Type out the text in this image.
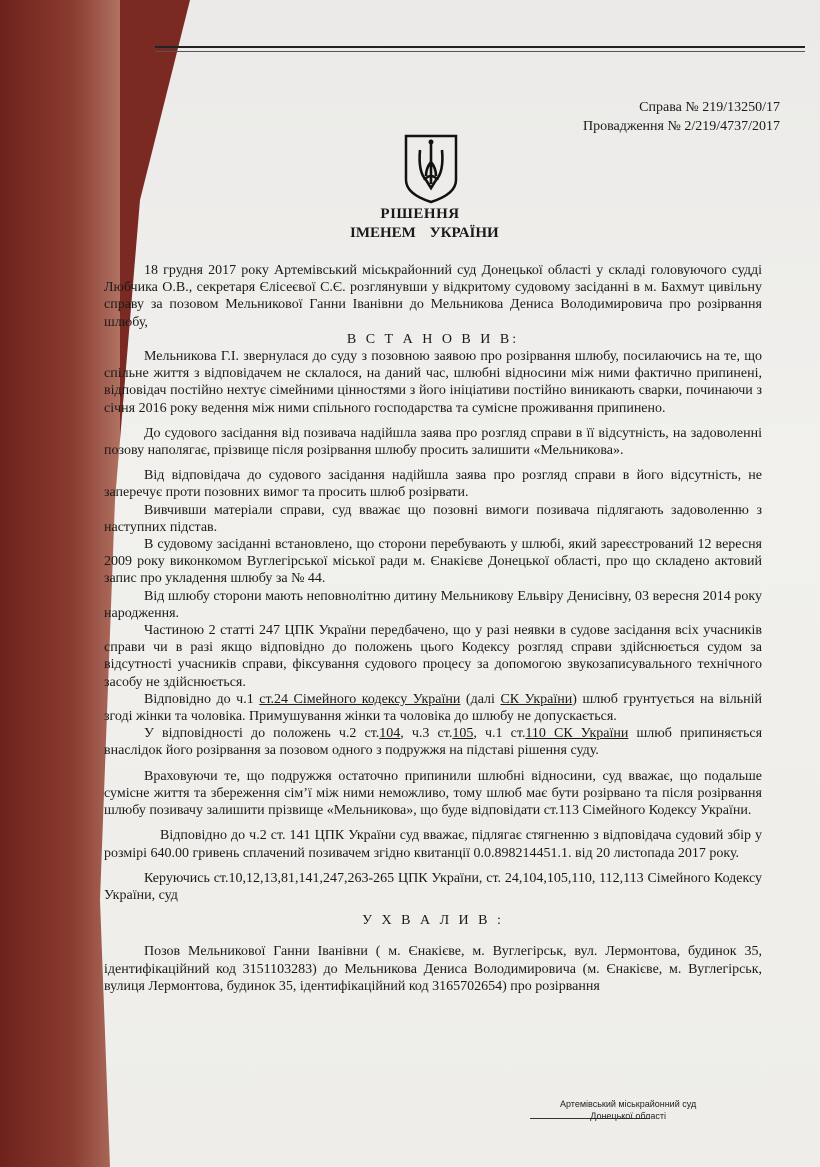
Справа № 219/13250/17
Провадження № 2/219/4737/2017
РІШЕННЯ
ІМЕНЕМ УКРАЇНИ

18 грудня 2017 року Артемівський міськрайонний суд Донецької області у складі головуючого судді Любчика О.В., секретаря Єлісеєвої С.Є. розглянувши у відкритому судовому засіданні в м. Бахмут цивільну справу за позовом Мельникової Ганни Іванівни до Мельникова Дениса Володимировича про розірвання шлюбу,

В С Т А Н О В И В:

Мельникова Г.І. звернулася до суду з позовною заявою про розірвання шлюбу, посилаючись на те, що спільне життя з відповідачем не склалося, на даний час, шлюбні відносини між ними фактично припинені, відповідач постійно нехтує сімейними цінностями з його ініціативи постійно виникають сварки, починаючи з січня 2016 року ведення між ними спільного господарства та сумісне проживання припинено.

До судового засідання від позивача надійшла заява про розгляд справи в її відсутність, на задоволенні позову наполягає, прізвище після розірвання шлюбу просить залишити «Мельникова».

Від відповідача до судового засідання надійшла заява про розгляд справи в його відсутність, не заперечує проти позовних вимог та просить шлюб розірвати.

Вивчивши матеріали справи, суд вважає що позовні вимоги позивача підлягають задоволенню з наступних підстав.

В судовому засіданні встановлено, що сторони перебувають у шлюбі, який зареєстрований 12 вересня 2009 року виконкомом Вуглегірської міської ради м. Єнакієве Донецької області, про що складено актовий запис про укладення шлюбу за № 44.

Від шлюбу сторони мають неповнолітню дитину Мельникову Ельвіру Денисівну, 03 вересня 2014 року народження.

Частиною 2 статті 247 ЦПК України передбачено, що у разі неявки в судове засідання всіх учасників справи чи в разі якщо відповідно до положень цього Кодексу розгляд справи здійснюється судом за відсутності учасників справи, фіксування судового процесу за допомогою звукозаписувального технічного засобу не здійснюється.

Відповідно до ч.1 ст.24 Сімейного кодексу України (далі СК України) шлюб грунтується на вільній згоді жінки та чоловіка. Примушування жінки та чоловіка до шлюбу не допускається.

У відповідності до положень ч.2 ст.104, ч.3 ст.105, ч.1 ст.110 СК України шлюб припиняється внаслідок його розірвання за позовом одного з подружжя на підставі рішення суду.

Враховуючи те, що подружжя остаточно припинили шлюбні відносини, суд вважає, що подальше сумісне життя та збереження сім’ї між ними неможливо, тому шлюб має бути розірвано та після розірвання шлюбу позивачу залишити прізвище «Мельникова», що буде відповідати ст.113 Сімейного Кодексу України.

Відповідно до ч.2 ст. 141 ЦПК України суд вважає, підлягає стягненню з відповідача судовий збір у розмірі 640.00 гривень сплачений позивачем згідно квитанції 0.0.898214451.1. від 20 листопада 2017 року.

Керуючись ст.10,12,13,81,141,247,263-265 ЦПК України, ст. 24,104,105,110, 112,113 Сімейного Кодексу України, суд

У Х В А Л И В :

Позов Мельникової Ганни Іванівни ( м. Єнакієве, м. Вуглегірськ, вул. Лермонтова, будинок 35, ідентифікаційний код 3151103283) до Мельникова Дениса Володимировича (м. Єнакієве, м. Вуглегірськ, вулиця Лермонтова, будинок 35, ідентифікаційний код 3165702654) про розірвання

Артемівський міськрайонний суд
Донецької області
